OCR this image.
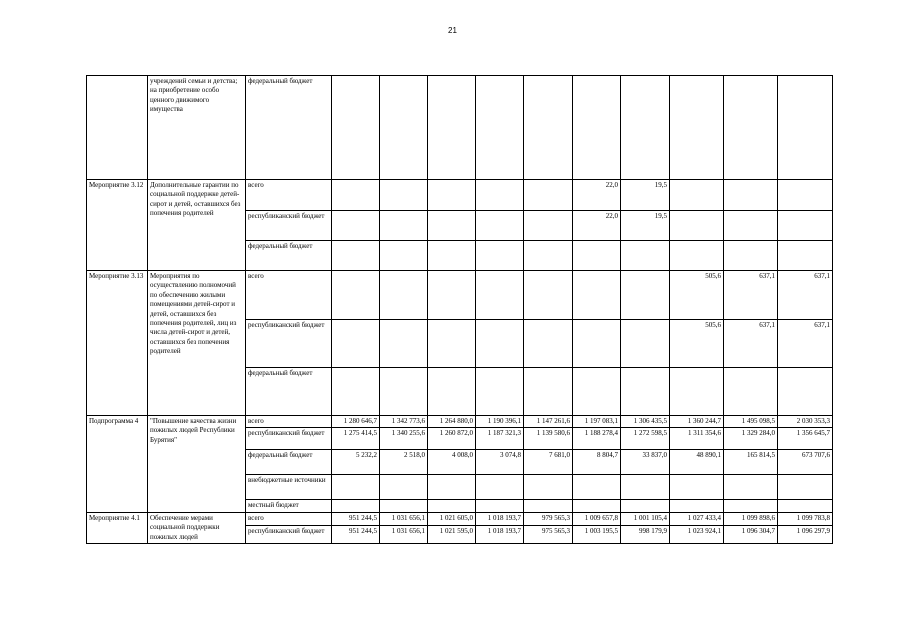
21
	учреждений семьи и детства; на приобретение особо ценного движимого имущества	федеральный бюджет										
Мероприятие 3.12	Дополнительные гарантии по социальной поддержке детей-сирот и детей, оставшихся без попечения родителей	всего						22,0	19,5			
		республиканский бюджет						22,0	19,5			
		федеральный бюджет										
Мероприятие 3.13	Мероприятия по осуществлению полномочий по обеспечению жилыми помещениями детей-сирот и детей, оставшихся без попечения родителей, лиц из числа детей-сирот и детей, оставшихся без попечения родителей	всего								505,6	637,1	637,1
		республиканский бюджет								505,6	637,1	637,1
		федеральный бюджет										
Подпрограмма 4	"Повышение качества жизни пожилых людей Республики Бурятия"	всего	1 280 646,7	1 342 773,6	1 264 880,0	1 190 396,1	1 147 261,6	1 197 083,1	1 306 435,5	1 360 244,7	1 495 098,5	2 030 353,3
		республиканский бюджет	1 275 414,5	1 340 255,6	1 260 872,0	1 187 321,3	1 139 580,6	1 188 278,4	1 272 598,5	1 311 354,6	1 329 284,0	1 356 645,7
		федеральный бюджет	5 232,2	2 518,0	4 008,0	3 074,8	7 681,0	8 804,7	33 837,0	48 890,1	165 814,5	673 707,6
		внебюджетные источники										
		местный бюджет										
Мероприятие 4.1	Обеспечение мерами социальной поддержки пожилых людей	всего	951 244,5	1 031 656,1	1 021 605,0	1 018 193,7	979 565,3	1 009 657,8	1 001 105,4	1 027 433,4	1 099 898,6	1 099 783,8
		республиканский бюджет	951 244,5	1 031 656,1	1 021 595,0	1 018 193,7	975 565,3	1 003 195,5	998 179,9	1 023 924,1	1 096 304,7	1 096 297,9
